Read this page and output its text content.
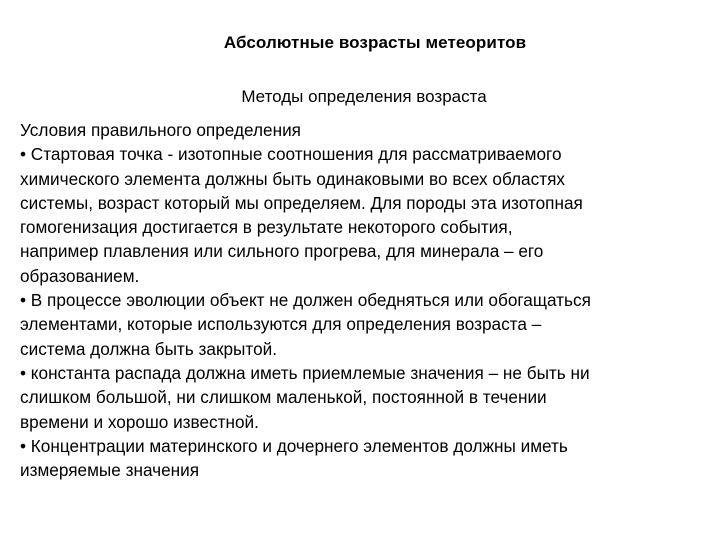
Абсолютные возрасты метеоритов
Методы определения возраста
Условия правильного определения
• Стартовая точка - изотопные соотношения для рассматриваемого
химического элемента должны быть одинаковыми во всех областях
системы, возраст который мы определяем. Для породы эта изотопная
гомогенизация достигается в результате некоторого события,
например плавления или сильного прогрева, для минерала – его
образованием.
• В процессе эволюции объект не должен обедняться или обогащаться
элементами, которые используются для определения возраста –
система должна быть закрытой.
• константа распада должна иметь приемлемые значения – не быть ни
слишком большой, ни слишком маленькой, постоянной в течении
времени и хорошо известной.
• Концентрации материнского и дочернего элементов должны иметь
измеряемые значения
